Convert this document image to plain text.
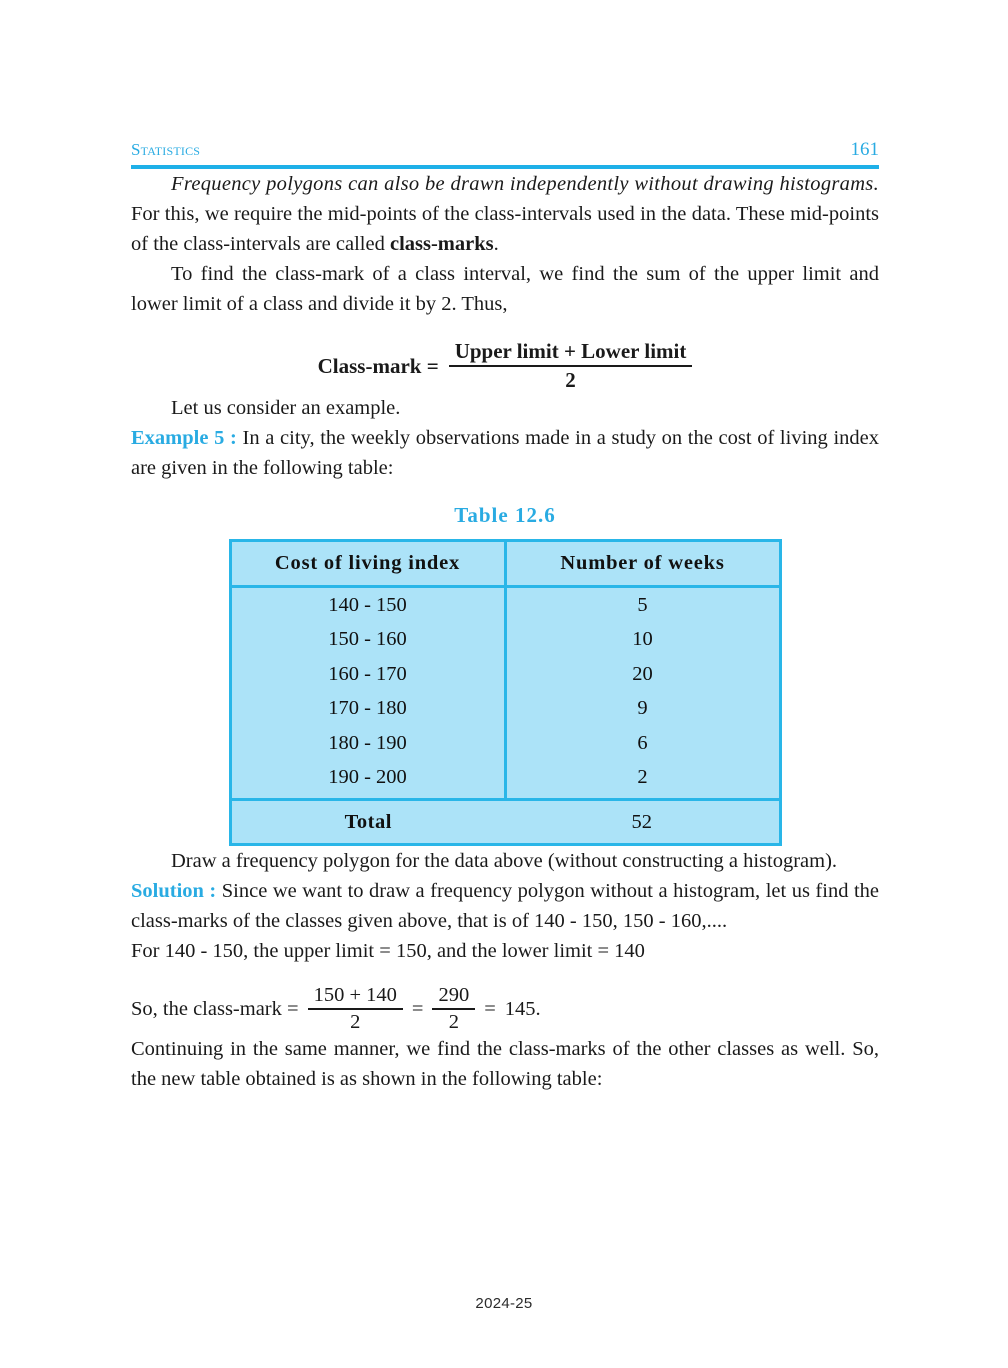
Statistics	161

Frequency polygons can also be drawn independently without drawing histograms. For this, we require the mid-points of the class-intervals used in the data. These mid-points of the class-intervals are called class-marks.

To find the class-mark of a class interval, we find the sum of the upper limit and lower limit of a class and divide it by 2. Thus,

Class-mark = $\frac{\text{Upper limit + Lower limit}}{2}$

Let us consider an example.

Example 5 : In a city, the weekly observations made in a study on the cost of living index are given in the following table:

Table 12.6
Cost of living index	Number of weeks
140 - 150	5
150 - 160	10
160 - 170	20
170 - 180	9
180 - 190	6
190 - 200	2
Total	52

Draw a frequency polygon for the data above (without constructing a histogram).

Solution : Since we want to draw a frequency polygon without a histogram, let us find the class-marks of the classes given above, that is of 140 - 150, 150 - 160,....

For 140 - 150, the upper limit = 150, and the lower limit = 140

So, the class-mark = $\frac{150 + 140}{2} = \frac{290}{2} = 145$.

Continuing in the same manner, we find the class-marks of the other classes as well. So, the new table obtained is as shown in the following table:

2024-25
